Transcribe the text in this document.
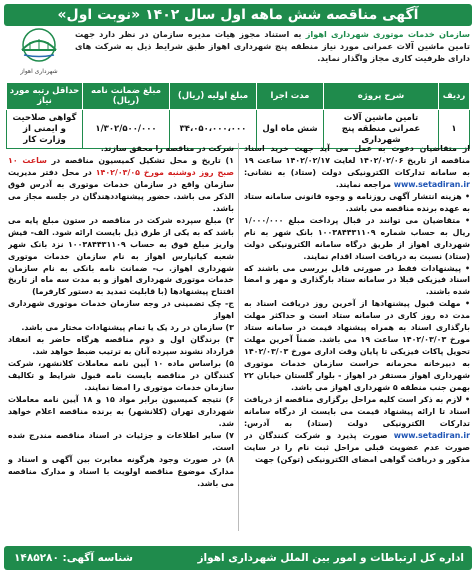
آگهی مناقصه شش ماهه اول سال ۱۴۰۲ «نوبت اول»
شهرداری اهواز
سازمان خدمات موتوری شهرداری اهواز به استناد مجوز هیات مدیره سازمان در نظر دارد جهت تامین ماشین آلات عمرانی مورد نیاز منطقه پنج شهرداری اهواز طبق شرایط ذیل به شرکت های دارای ظرفیت کاری مجاز واگذار نماید.
ردیف	شرح پروژه	مدت اجرا	مبلغ اولیه (ریال)	مبلغ ضمانت نامه (ریال)	حداقل رتبه مورد نیاز
۱	تامین ماشین آلات عمرانی منطقه پنج شهرداری	شش ماه اول	۳۴،۰۵۰،۰۰۰،۰۰۰	۱/۳۰۲/۵۰۰/۰۰۰	گواهی صلاحیت و ایمنی از وزارت کار

از متقاضیان دعوت به عمل می آید جهت خرید اسناد مناقصه از تاریخ ۱۴۰۲/۰۲/۰۶ لغایت ۱۴۰۲/۰۲/۱۷ ساعت ۱۹ به سامانه تدارکات الکترونیکی دولت (ستاد) به نشانی: www.setadiran.ir مراجعه نمایند.

• هزینه انتشار آگهی روزنامه و وجوه قانونی سامانه ستاد به عهده برنده مناقصه می باشد.

• متقاضیان می توانند در قبال پرداخت مبلغ ۱/۰۰۰/۰۰۰ ریال به حساب شماره ۱۰۰۳۸۴۴۳۱۱۰۹ بانک شهر به نام شهرداری اهواز از طریق درگاه سامانه الکترونیکی دولت (ستاد) نسبت به دریافت اسناد اقدام نمایند.

• پیشنهادات فقط در صورتی قابل بررسی می باشند که اسناد فیزیکی قبلا در سامانه ستاد بارگذاری و مهر و امضا شده باشند.

• مهلت قبول پیشنهادها از آخرین روز دریافت اسناد به مدت ده روز کاری در سامانه ستاد است و حداکثر مهلت بارگذاری اسناد به همراه پیشنهاد قیمت در سامانه ستاد مورخ ۱۴۰۲/۰۳/۰۳ ساعت ۱۹ می باشد. ضمناً آخرین مهلت تحویل پاکات فیزیکی تا پایان وقت اداری مورخ ۱۴۰۲/۰۳/۰۳ به دبیرخانه محرمانه حراست سازمان خدمات موتوری شهرداری اهواز مستقر در اهواز - بلوار گلستان خیابان ۲۲ بهمن جنب منطقه ۵ شهرداری اهواز می باشد.

• لازم به ذکر است کلیه مراحل برگزاری مناقصه از دریافت اسناد تا ارائه پیشنهاد قیمت می بایست از درگاه سامانه تدارکات الکترونیکی دولت (ستاد) به آدرس: www.setadiran.ir صورت پذیرد و شرکت کنندگان در صورت عدم عضویت قبلی مراحل ثبت نام را در سایت مذکور و دریافت گواهی امضای الکترونیکی (توکن) جهت

شرکت در مناقصه را محقق سازند.

۱) تاریخ و محل تشکیل کمیسیون مناقصه در ساعت ۱۰ صبح روز دوشنبه مورخ ۱۴۰۲/۰۳/۰۵ در محل دفتر مدیریت سازمان واقع در سازمان خدمات موتوری به آدرس فوق الذکر می باشد. حضور پیشنهاددهندگان در جلسه مجاز می باشد.

۲) مبلغ سپرده شرکت در مناقصه در ستون مبلغ پایه می باشد که به یکی از طرق ذیل بایست ارائه شود. الف- فیش واریز مبلغ فوق به حساب ۱۰۰۳۸۴۴۳۱۱۰۹ نزد بانک شهر شعبه کیانپارس اهواز به نام سازمان خدمات موتوری شهرداری اهواز. ب- ضمانت نامه بانکی به نام سازمان خدمات موتوری شهرداری اهواز و به مدت سه ماه از تاریخ افتتاح پیشنهادها (با قابلیت تمدید به دستور کارفرما)

ج- چک تضمینی در وجه سازمان خدمات موتوری شهرداری اهواز

۳) سازمان در رد یک یا تمام پیشنهادات مختار می باشد.

۴) برندگان اول و دوم مناقصه هرگاه حاضر به انعقاد قرارداد نشوند سپرده آنان به ترتیب ضبط خواهد شد.

۵) براساس ماده ۱۰ آیین نامه معاملات کلانشهر، شرکت کنندگان در مناقصه بایست نامه قبول شرایط و تکالیف سازمان خدمات موتوری را امضا نمایند.

۶) نتیجه کمیسیون برابر مواد ۱۵ و ۱۸ آیین نامه معاملات شهرداری تهران (کلانشهر) به برنده مناقصه اعلام خواهد شد.

۷) سایر اطلاعات و جزئیات در اسناد مناقصه مندرج شده است.

۸) در صورت وجود هرگونه مغایرت بین آگهی و اسناد و مدارک موضوع مناقصه اولویت با اسناد و مدارک مناقصه می باشد.

اداره کل ارتباطات و امور بین الملل شهرداری اهواز
شناسه آگهی: ۱۴۸۵۲۸۰
